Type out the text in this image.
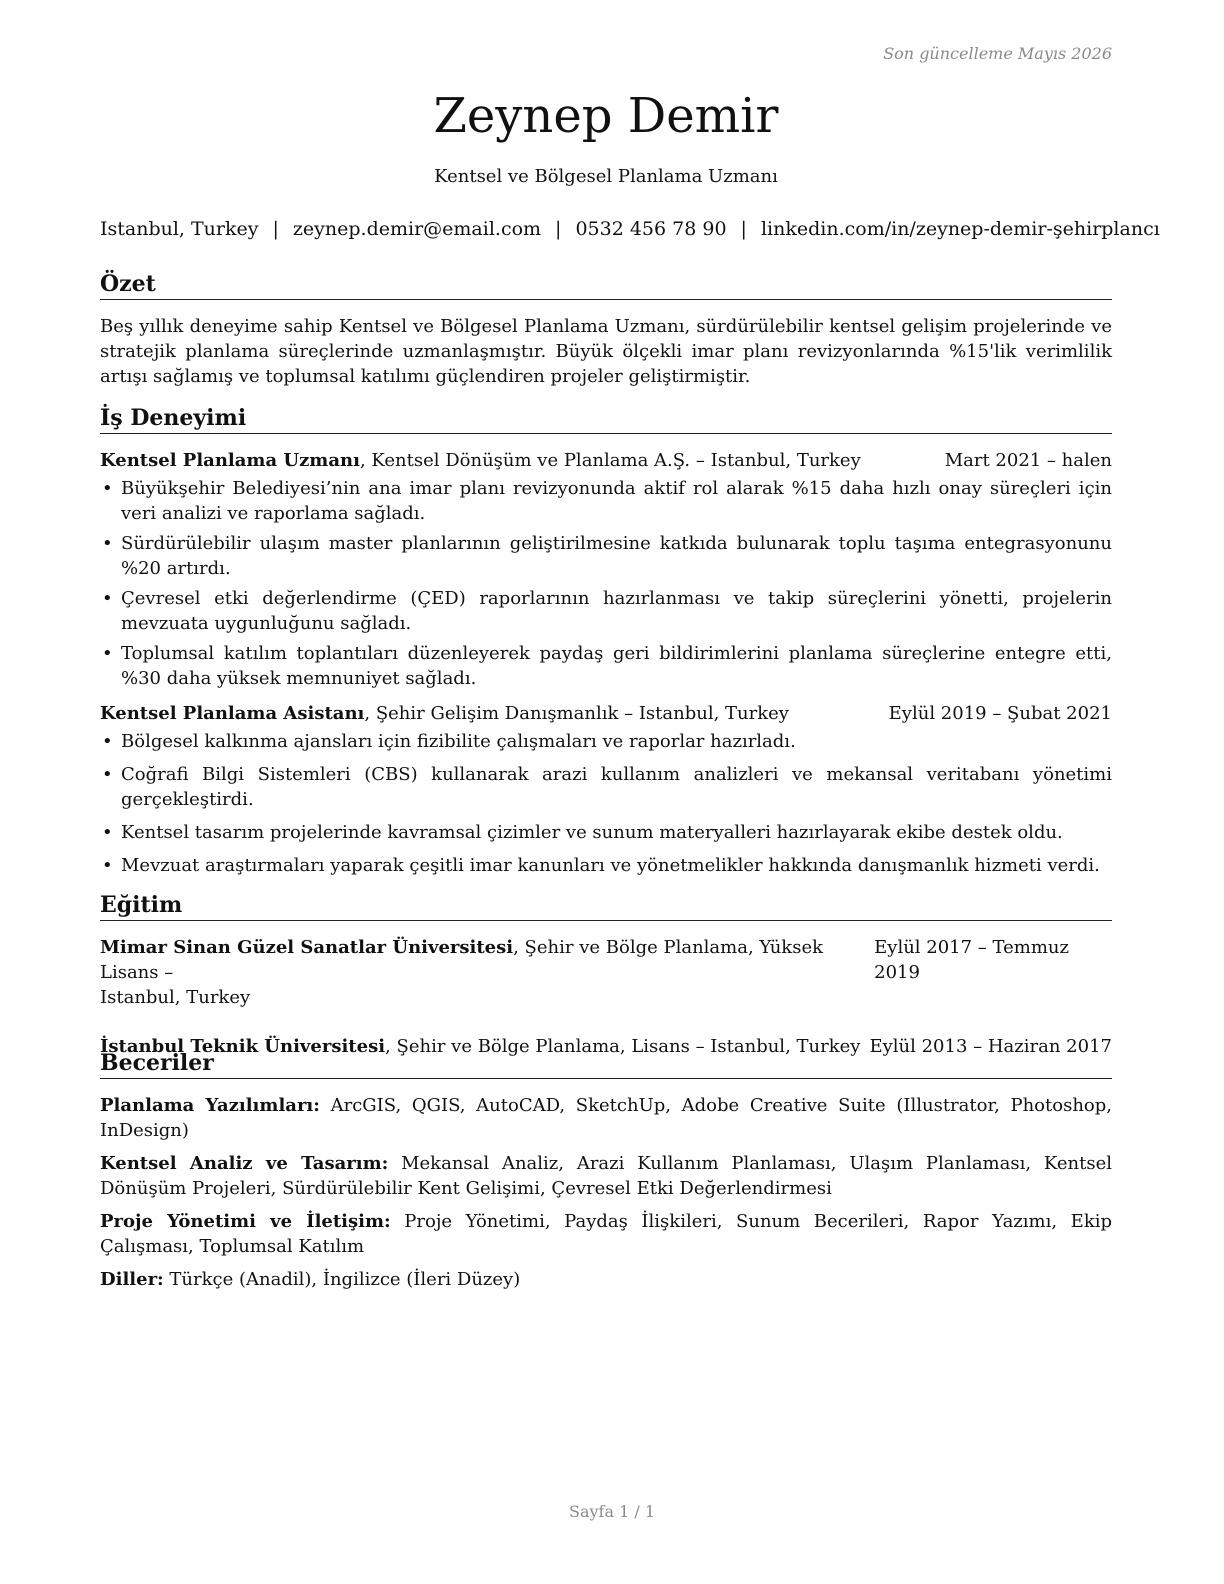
Son güncelleme Mayıs 2026
Zeynep Demir
Kentsel ve Bölgesel Planlama Uzmanı
Istanbul, Turkey | zeynep.demir@email.com | 0532 456 78 90 | linkedin.com/in/zeynep-demir-şehirplancı
Özet
Beş yıllık deneyime sahip Kentsel ve Bölgesel Planlama Uzmanı, sürdürülebilir kentsel gelişim projelerinde ve stratejik planlama süreçlerinde uzmanlaşmıştır. Büyük ölçekli imar planı revizyonlarında %15'lik verimlilik artışı sağlamış ve toplumsal katılımı güçlendiren projeler geliştirmiştir.
İş Deneyimi
Kentsel Planlama Uzmanı, Kentsel Dönüşüm ve Planlama A.Ş. – Istanbul, Turkey	Mart 2021 – halen
• Büyükşehir Belediyesi’nin ana imar planı revizyonunda aktif rol alarak %15 daha hızlı onay süreçleri için veri analizi ve raporlama sağladı.
• Sürdürülebilir ulaşım master planlarının geliştirilmesine katkıda bulunarak toplu taşıma entegrasyonunu %20 artırdı.
• Çevresel etki değerlendirme (ÇED) raporlarının hazırlanması ve takip süreçlerini yönetti, projelerin mevzuata uygunluğunu sağladı.
• Toplumsal katılım toplantıları düzenleyerek paydaş geri bildirimlerini planlama süreçlerine entegre etti, %30 daha yüksek memnuniyet sağladı.
Kentsel Planlama Asistanı, Şehir Gelişim Danışmanlık – Istanbul, Turkey	Eylül 2019 – Şubat 2021
• Bölgesel kalkınma ajansları için fizibilite çalışmaları ve raporlar hazırladı.
• Coğrafi Bilgi Sistemleri (CBS) kullanarak arazi kullanım analizleri ve mekansal veritabanı yönetimi gerçekleştirdi.
• Kentsel tasarım projelerinde kavramsal çizimler ve sunum materyalleri hazırlayarak ekibe destek oldu.
• Mevzuat araştırmaları yaparak çeşitli imar kanunları ve yönetmelikler hakkında danışmanlık hizmeti verdi.
Eğitim
Mimar Sinan Güzel Sanatlar Üniversitesi, Şehir ve Bölge Planlama, Yüksek Lisans –
Eylül 2017 – Temmuz 2019
Istanbul, Turkey
İstanbul Teknik Üniversitesi, Şehir ve Bölge Planlama, Lisans – Istanbul, Turkey Eylül 2013 – Haziran 2017
Beceriler
Planlama Yazılımları: ArcGIS, QGIS, AutoCAD, SketchUp, Adobe Creative Suite (Illustrator, Photoshop, InDesign)
Kentsel Analiz ve Tasarım: Mekansal Analiz, Arazi Kullanım Planlaması, Ulaşım Planlaması, Kentsel Dönüşüm Projeleri, Sürdürülebilir Kent Gelişimi, Çevresel Etki Değerlendirmesi
Proje Yönetimi ve İletişim: Proje Yönetimi, Paydaş İlişkileri, Sunum Becerileri, Rapor Yazımı, Ekip Çalışması, Toplumsal Katılım
Diller: Türkçe (Anadil), İngilizce (İleri Düzey)
Sayfa 1 / 1
